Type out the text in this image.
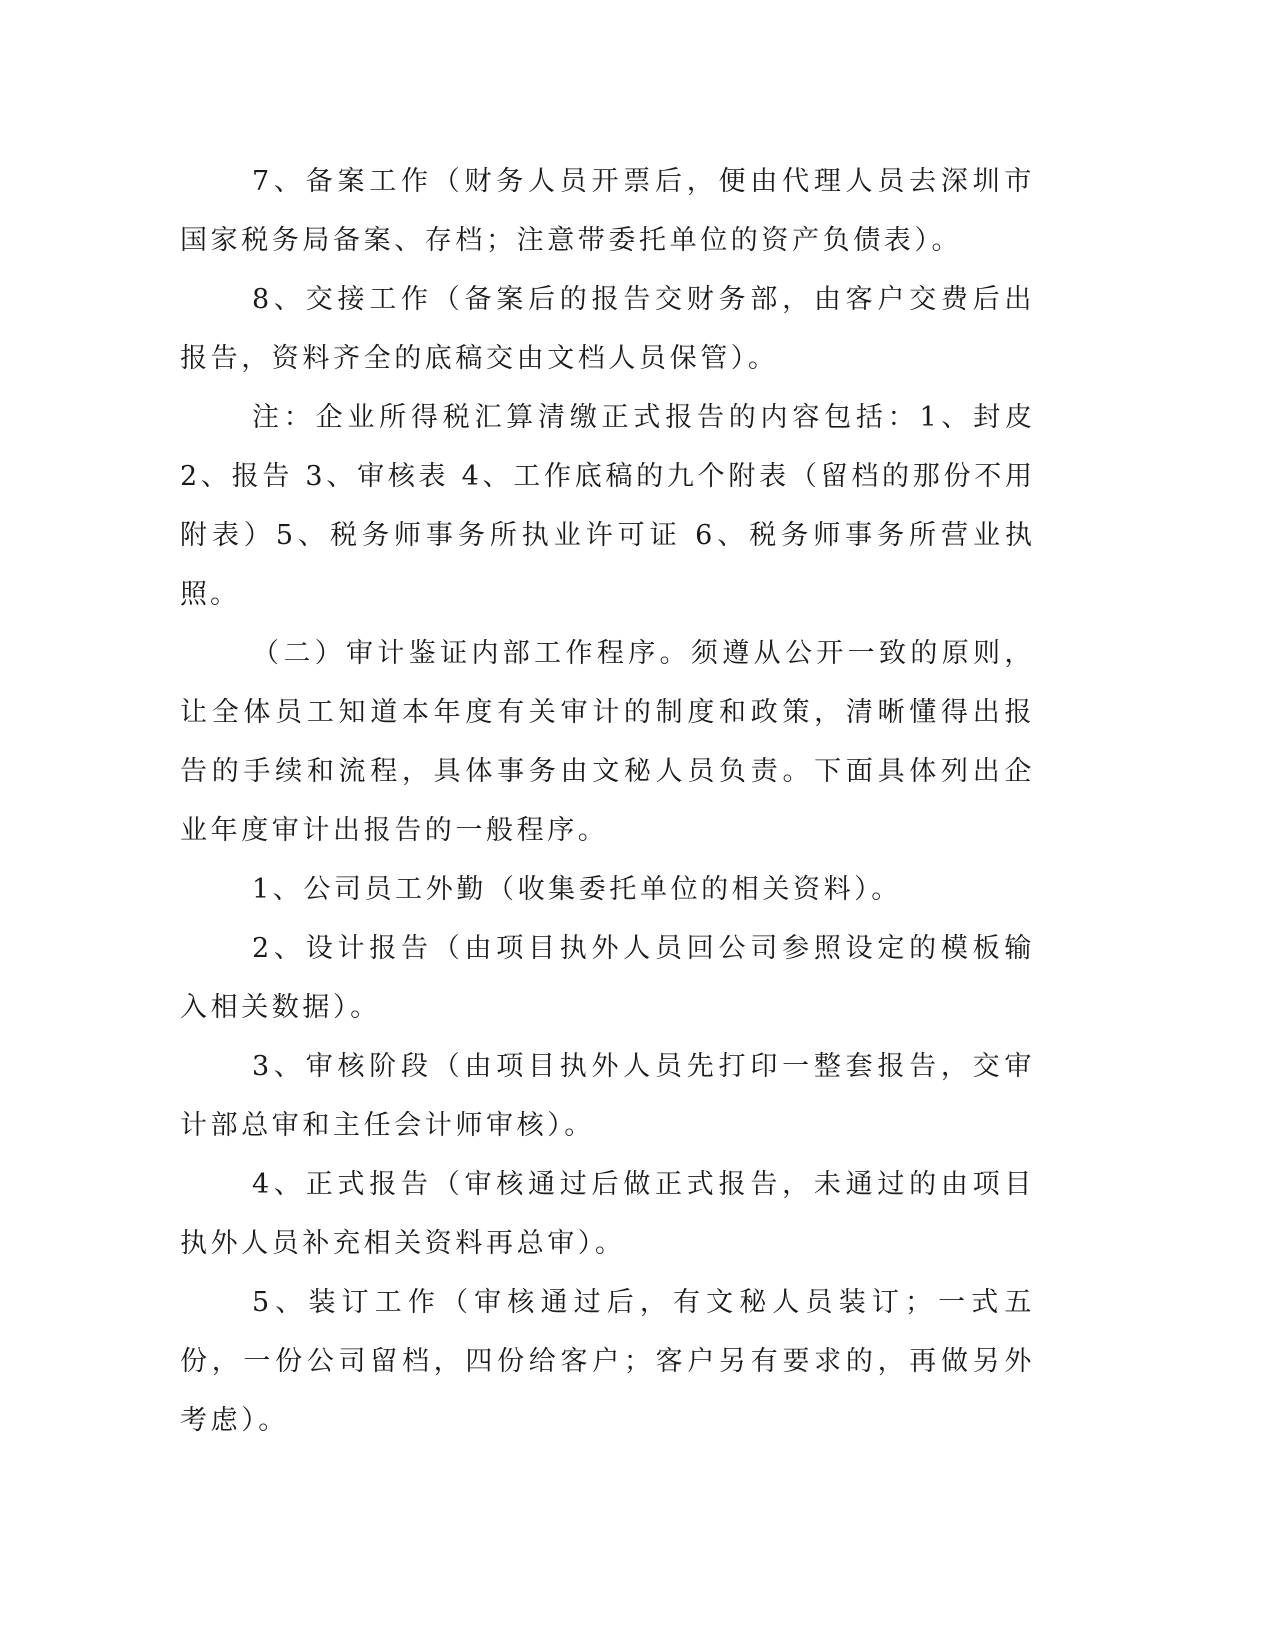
7、备案工作（财务人员开票后，便由代理人员去深圳市国家税务局备案、存档；注意带委托单位的资产负债表）。

8、交接工作（备案后的报告交财务部，由客户交费后出报告，资料齐全的底稿交由文档人员保管）。

注：企业所得税汇算清缴正式报告的内容包括：1、封皮 2、报告 3、审核表 4、工作底稿的九个附表（留档的那份不用附表）5、税务师事务所执业许可证 6、税务师事务所营业执照。

（二）审计鉴证内部工作程序。须遵从公开一致的原则，让全体员工知道本年度有关审计的制度和政策，清晰懂得出报告的手续和流程，具体事务由文秘人员负责。下面具体列出企业年度审计出报告的一般程序。

1、公司员工外勤（收集委托单位的相关资料）。

2、设计报告（由项目执外人员回公司参照设定的模板输入相关数据）。

3、审核阶段（由项目执外人员先打印一整套报告，交审计部总审和主任会计师审核）。

4、正式报告（审核通过后做正式报告，未通过的由项目执外人员补充相关资料再总审）。

5、装订工作（审核通过后，有文秘人员装订；一式五份，一份公司留档，四份给客户；客户另有要求的，再做另外考虑）。
